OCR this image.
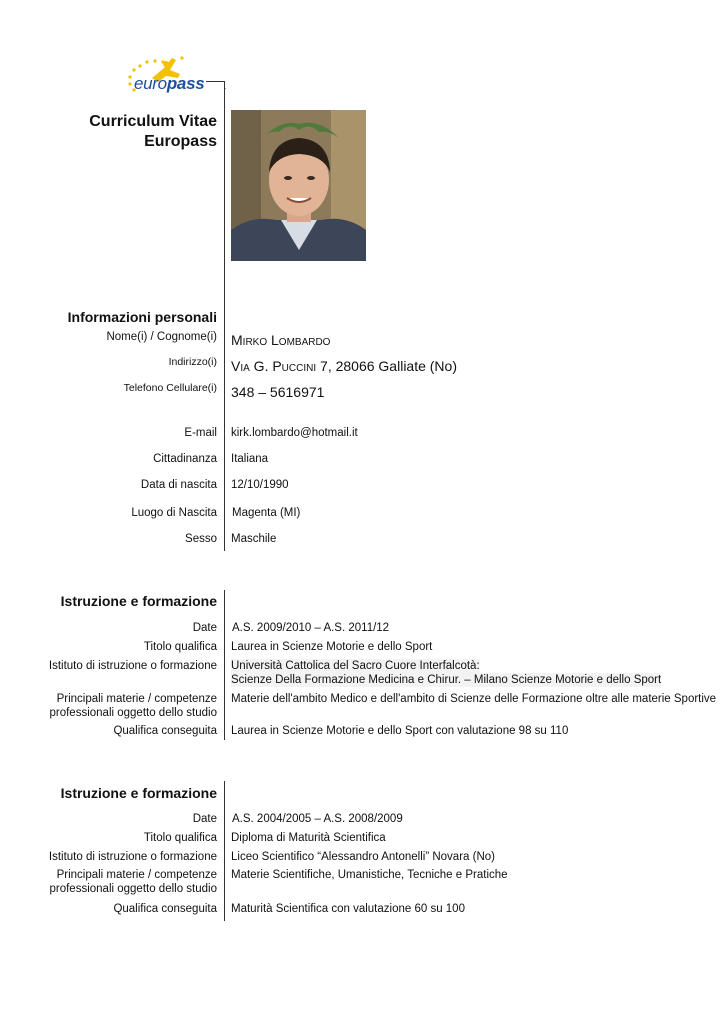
europass
Curriculum Vitae
Europass
Informazioni personali
Nome(i) / Cognome(i) Mirko Lombardo
Indirizzo(i) Via G. Puccini 7, 28066 Galliate (No)
Telefono Cellulare(i) 348 – 5616971
E-mail kirk.lombardo@hotmail.it
Cittadinanza Italiana
Data di nascita 12/10/1990
Luogo di Nascita Magenta (MI)
Sesso Maschile
Istruzione e formazione
Date A.S. 2009/2010 – A.S. 2011/12
Titolo qualifica Laurea in Scienze Motorie e dello Sport
Istituto di istruzione o formazione Università Cattolica del Sacro Cuore Interfalcotà:
Scienze Della Formazione Medicina e Chirur. – Milano Scienze Motorie e dello Sport
Principali materie / competenze
professionali oggetto dello studio
Materie dell'ambito Medico e dell'ambito di Scienze delle Formazione oltre alle materie Sportive
Qualifica conseguita Laurea in Scienze Motorie e dello Sport con valutazione 98 su 110
Istruzione e formazione
Date A.S. 2004/2005 – A.S. 2008/2009
Titolo qualifica Diploma di Maturità Scientifica
Istituto di istruzione o formazione Liceo Scientifico “Alessandro Antonelli” Novara (No)
Principali materie / competenze
professionali oggetto dello studio
Materie Scientifiche, Umanistiche, Tecniche e Pratiche
Qualifica conseguita Maturità Scientifica con valutazione 60 su 100
